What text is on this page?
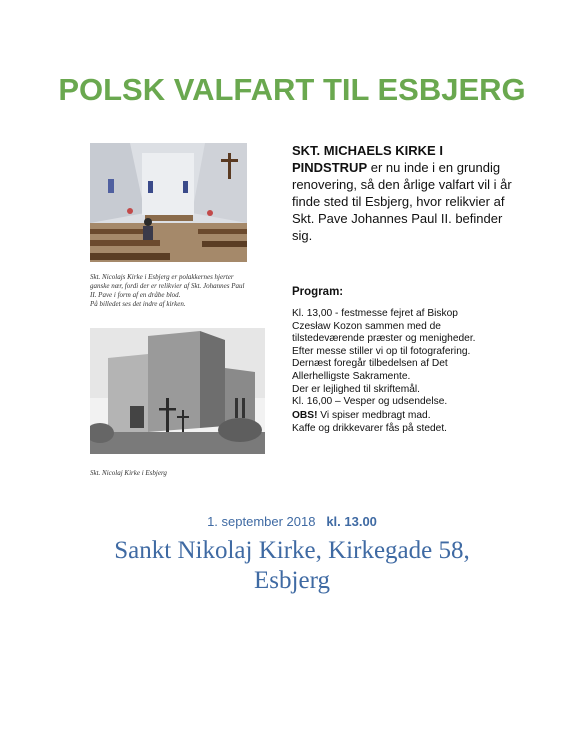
POLSK VALFART TIL ESBJERG
Skt. Nicolajs Kirke i Esbjerg er polakkernes hjerter
ganske nær, fordi der er relikvier af Skt. Johannes Paul
II. Pave i form af en dråbe blod.
På billedet ses det indre af kirken.
Skt. Nicolaj Kirke i Esbjerg
SKT. MICHAELS KIRKE I PINDSTRUP er nu inde i en grundig renovering, så den årlige valfart vil i år finde sted til Esbjerg, hvor relikvier af Skt. Pave Johannes Paul II. befinder sig.
Program:
Kl. 13,00 - festmesse fejret af Biskop
Czesław Kozon sammen med de
tilstedeværende præster og menigheder.
Efter messe stiller vi op til fotografering.
Dernæst foregår tilbedelsen af Det
Allerhelligste Sakramente.
Der er lejlighed til skriftemål.
Kl. 16,00 – Vesper og udsendelse.
OBS! Vi spiser medbragt mad.
Kaffe og drikkevarer fås på stedet.
1. september 2018 kl. 13.00
Sankt Nikolaj Kirke, Kirkegade 58,
Esbjerg
